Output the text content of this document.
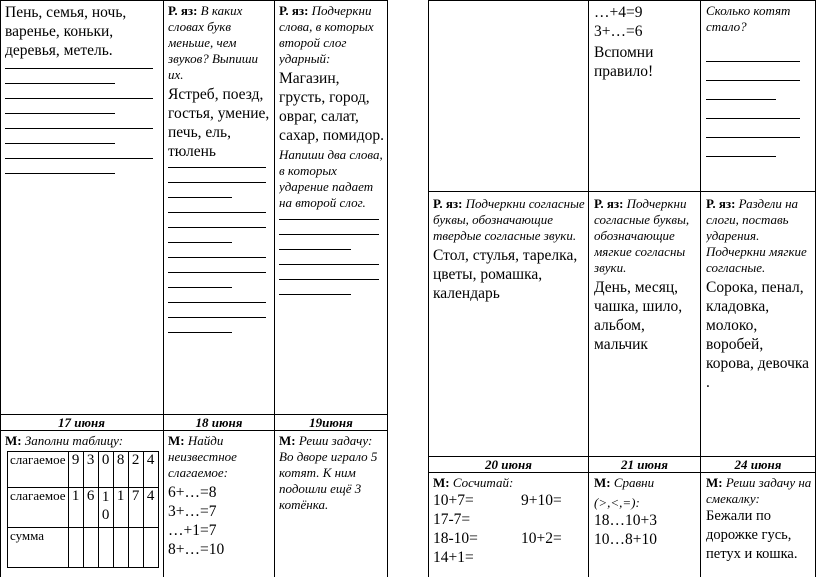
Пень, семья, ночь, варенье, коньки, деревья, метель.
Р. яз: В каких словах букв меньше, чем звуков? Выпиши их.
Ястреб, поезд, гостья, умение, печь, ель, тюлень
Р. яз: Подчеркни слова, в которых второй слог ударный:
Магазин, грусть, город, овраг, салат, сахар, помидор.
Напиши два слова, в которых ударение падает на второй слог.
17 июня	18 июня	19июня
М: Заполни таблицу:
слагаемое	9	3	0	8	2	4
слагаемое	1	6	10	1	7	4
сумма						
М: Найди неизвестное слагаемое:
6+…=8
3+…=7
…+1=7
8+…=10
М: Реши задачу:
Во дворе играло 5 котят. К ним подошли ещё 3 котёнка.
…+4=9
3+…=6
Вспомни правило!
Сколько котят стало?
Р. яз: Подчеркни согласные буквы, обозначающие твердые согласные звуки.
Стол, стулья, тарелка, цветы, ромашка, календарь
Р. яз: Подчеркни согласные буквы, обозначающие мягкие согласны звуки.
День, месяц, чашка, шило, альбом, мальчик
Р. яз: Раздели на слоги, поставь ударения. Подчеркни мягкие согласные.
Сорока, пенал, кладовка, молоко, воробей, корова, девочка .
20 июня	21 июня	24 июня
М: Сосчитай:
10+7=	9+10=
17-7=
18-10=	10+2=
14+1=
М: Сравни
(>,<,=):
18…10+3
10…8+10
М: Реши задачу на смекалку:
Бежали по дорожке гусь, петух и кошка.
